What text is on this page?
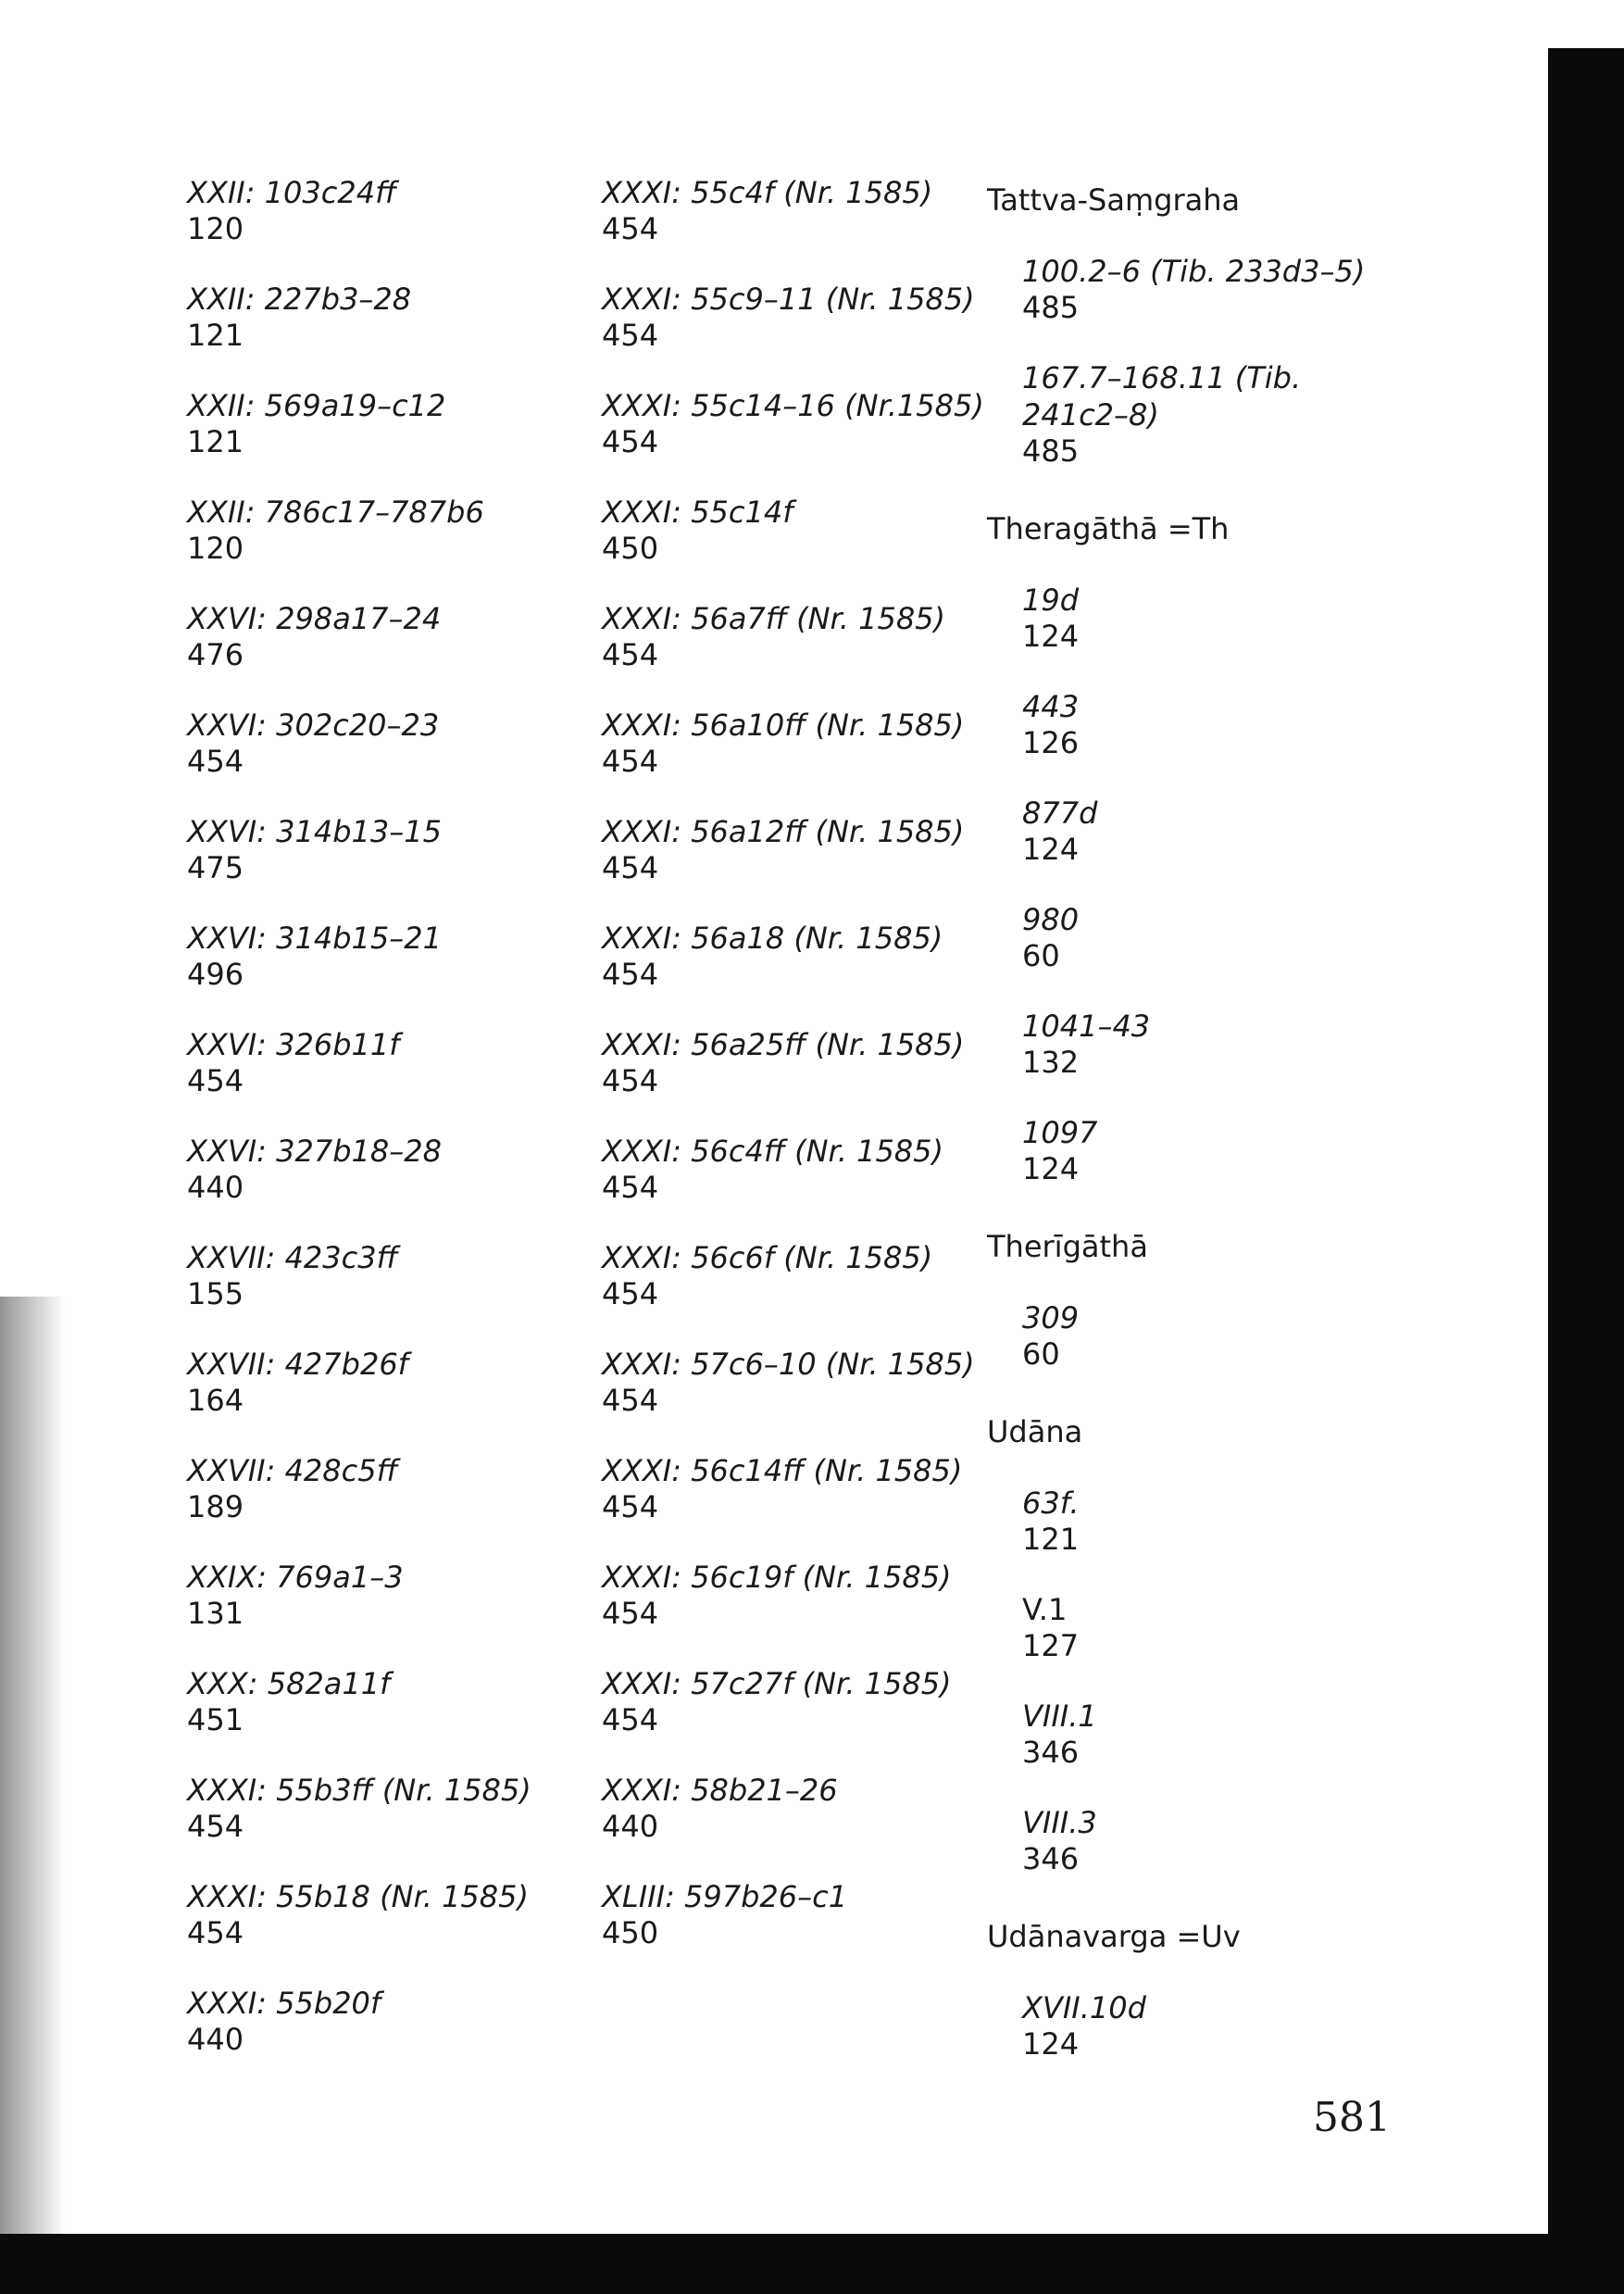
XXII: 103c24ff
120
XXII: 227b3–28
121
XXII: 569a19–c12
121
XXII: 786c17–787b6
120
XXVI: 298a17–24
476
XXVI: 302c20–23
454
XXVI: 314b13–15
475
XXVI: 314b15–21
496
XXVI: 326b11f
454
XXVI: 327b18–28
440
XXVII: 423c3ff
155
XXVII: 427b26f
164
XXVII: 428c5ff
189
XXIX: 769a1–3
131
XXX: 582a11f
451
XXXI: 55b3ff (Nr. 1585)
454
XXXI: 55b18 (Nr. 1585)
454
XXXI: 55b20f
440
XXXI: 55c4f (Nr. 1585)
454
XXXI: 55c9–11 (Nr. 1585)
454
XXXI: 55c14–16 (Nr.1585)
454
XXXI: 55c14f
450
XXXI: 56a7ff (Nr. 1585)
454
XXXI: 56a10ff (Nr. 1585)
454
XXXI: 56a12ff (Nr. 1585)
454
XXXI: 56a18 (Nr. 1585)
454
XXXI: 56a25ff (Nr. 1585)
454
XXXI: 56c4ff (Nr. 1585)
454
XXXI: 56c6f (Nr. 1585)
454
XXXI: 57c6–10 (Nr. 1585)
454
XXXI: 56c14ff (Nr. 1585)
454
XXXI: 56c19f (Nr. 1585)
454
XXXI: 57c27f (Nr. 1585)
454
XXXI: 58b21–26
440
XLIII: 597b26–c1
450
Tattva-Saṃgraha
100.2–6 (Tib. 233d3–5)
485
167.7–168.11 (Tib.
241c2–8)
485
Theragāthā =Th
19d
124
443
126
877d
124
980
60
1041–43
132
1097
124
Therīgāthā
309
60
Udāna
63f.
121
V.1
127
VIII.1
346
VIII.3
346
Udānavarga =Uv
XVII.10d
124
581
